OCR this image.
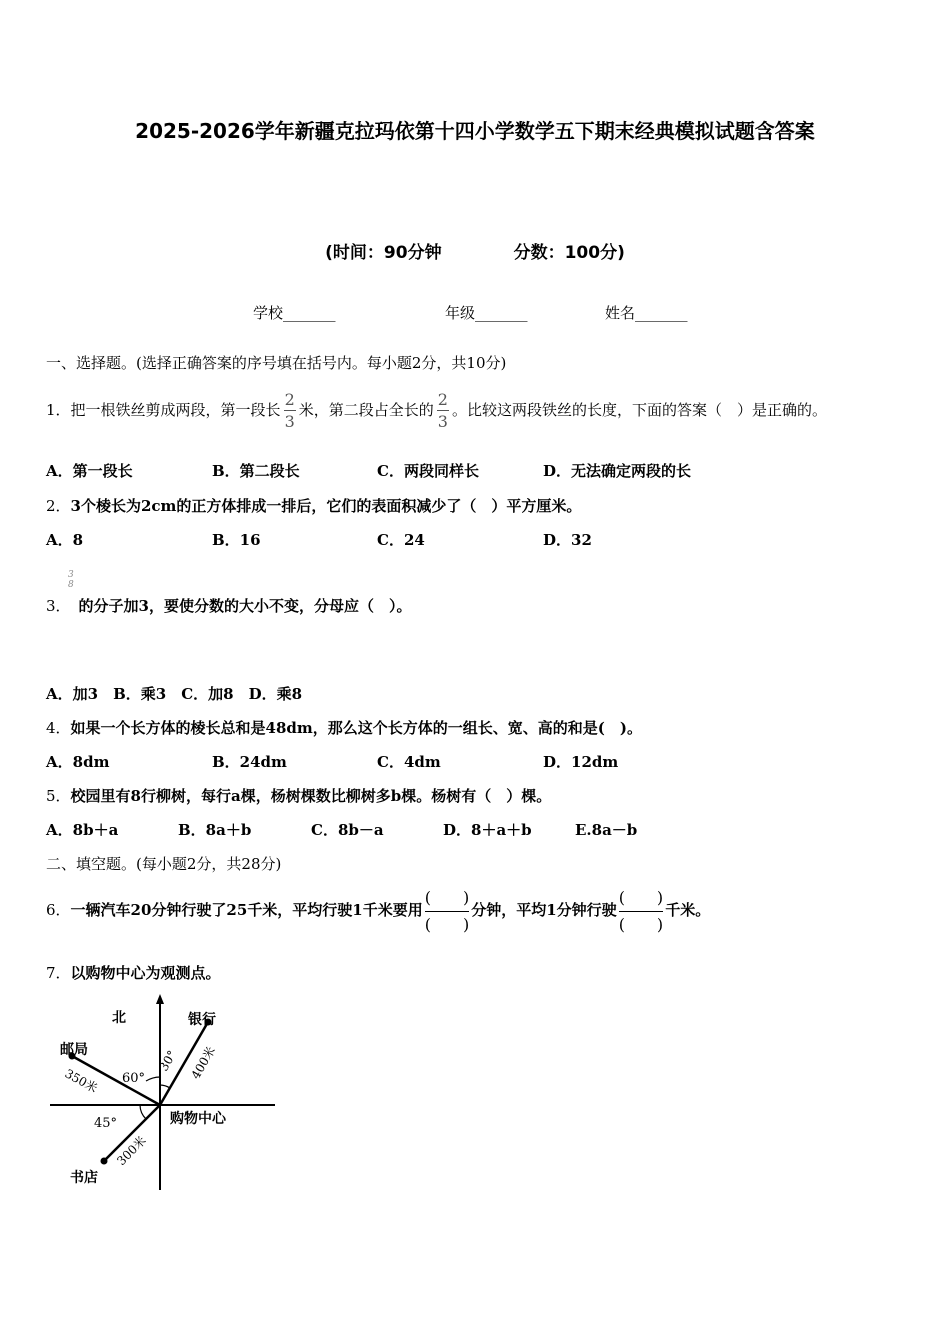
2025-2026学年新疆克拉玛依第十四小学数学五下期末经典模拟试题含答案
(时间：90分钟	分数：100分)
学校_______	年级_______	姓名_______
一、选择题。(选择正确答案的序号填在括号内。每小题2分，共10分)
1．把一根铁丝剪成两段，第一段长 $\frac{2}{3}$ 米，第二段占全长的 $\frac{2}{3}$ 。比较这两段铁丝的长度，下面的答案（　）是正确的。
A．第一段长	B．第二段长	C．两段同样长	D．无法确定两段的长
2．3个棱长为2cm的正方体排成一排后，它们的表面积减少了（　）平方厘米。
A．8	B．16	C．24	D．32
3
8
3． 的分子加3，要使分数的大小不变，分母应（　）。
A．加3　B．乘3　C．加8　D．乘8
4．如果一个长方体的棱长总和是48dm，那么这个长方体的一组长、宽、高的和是(　)。
A．8dm	B．24dm	C．4dm	D．12dm
5．校园里有8行柳树，每行a棵，杨树棵数比柳树多b棵。杨树有（　）棵。
A．8b＋a	B．8a＋b	C．8b－a	D．8＋a＋b	E.8a－b
二、填空题。(每小题2分，共28分)
6．一辆汽车20分钟行驶了25千米，平均行驶1千米要用 $\frac{( )}{( )}$ 分钟，平均1分钟行驶 $\frac{( )}{( )}$ 千米。
7．以购物中心为观测点。
北	银行
邮局
书店
购物中心
60°
30°
45°
400米
350米
300米
